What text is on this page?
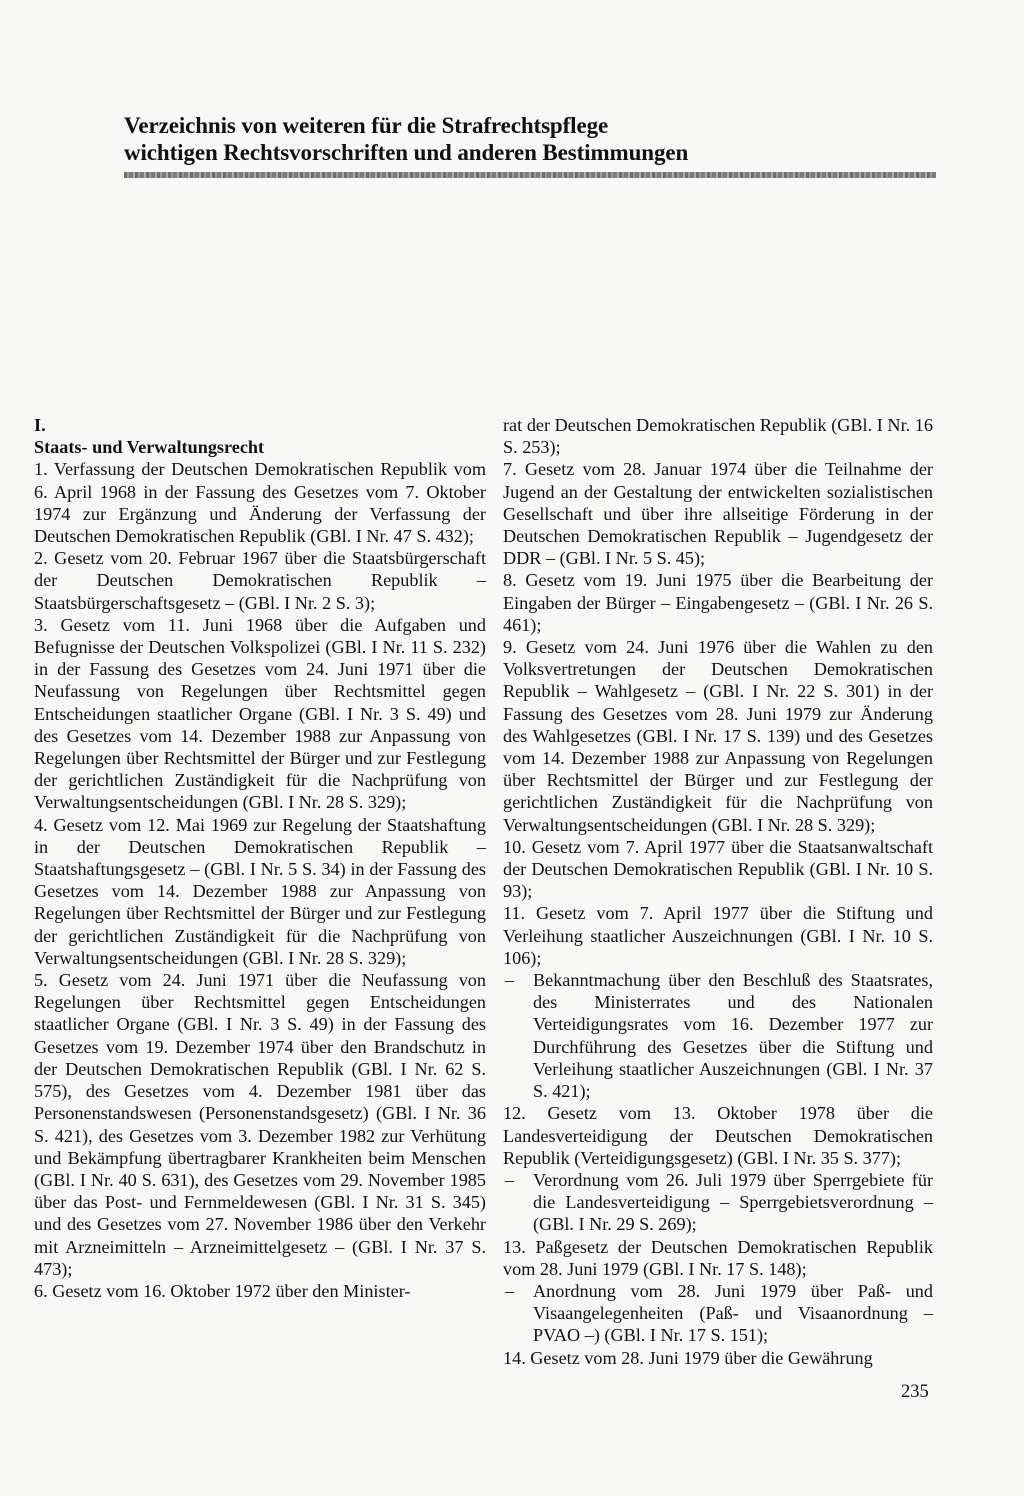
Verzeichnis von weiteren für die Strafrechtspflege
wichtigen Rechtsvorschriften und anderen Bestimmungen
I.
Staats- und Verwaltungsrecht

1. Verfassung der Deutschen Demokratischen Republik vom 6. April 1968 in der Fassung des Gesetzes vom 7. Oktober 1974 zur Ergänzung und Änderung der Verfassung der Deutschen Demokratischen Republik (GBl. I Nr. 47 S. 432);

2. Gesetz vom 20. Februar 1967 über die Staatsbürgerschaft der Deutschen Demokratischen Republik – Staatsbürgerschaftsgesetz – (GBl. I Nr. 2 S. 3);

3. Gesetz vom 11. Juni 1968 über die Aufgaben und Befugnisse der Deutschen Volkspolizei (GBl. I Nr. 11 S. 232) in der Fassung des Gesetzes vom 24. Juni 1971 über die Neufassung von Regelungen über Rechtsmittel gegen Entscheidungen staatlicher Organe (GBl. I Nr. 3 S. 49) und des Gesetzes vom 14. Dezember 1988 zur Anpassung von Regelungen über Rechtsmittel der Bürger und zur Festlegung der gerichtlichen Zuständigkeit für die Nachprüfung von Verwaltungsentscheidungen (GBl. I Nr. 28 S. 329);

4. Gesetz vom 12. Mai 1969 zur Regelung der Staatshaftung in der Deutschen Demokratischen Republik – Staatshaftungsgesetz – (GBl. I Nr. 5 S. 34) in der Fassung des Gesetzes vom 14. Dezember 1988 zur Anpassung von Regelungen über Rechtsmittel der Bürger und zur Festlegung der gerichtlichen Zuständigkeit für die Nachprüfung von Verwaltungsentscheidungen (GBl. I Nr. 28 S. 329);

5. Gesetz vom 24. Juni 1971 über die Neufassung von Regelungen über Rechtsmittel gegen Entscheidungen staatlicher Organe (GBl. I Nr. 3 S. 49) in der Fassung des Gesetzes vom 19. Dezember 1974 über den Brandschutz in der Deutschen Demokratischen Republik (GBl. I Nr. 62 S. 575), des Gesetzes vom 4. Dezember 1981 über das Personenstandswesen (Personenstandsgesetz) (GBl. I Nr. 36 S. 421), des Gesetzes vom 3. Dezember 1982 zur Verhütung und Bekämpfung übertragbarer Krankheiten beim Menschen (GBl. I Nr. 40 S. 631), des Gesetzes vom 29. November 1985 über das Post- und Fernmeldewesen (GBl. I Nr. 31 S. 345) und des Gesetzes vom 27. November 1986 über den Verkehr mit Arzneimitteln – Arzneimittelgesetz – (GBl. I Nr. 37 S. 473);

6. Gesetz vom 16. Oktober 1972 über den Minister-

rat der Deutschen Demokratischen Republik (GBl. I Nr. 16 S. 253);

7. Gesetz vom 28. Januar 1974 über die Teilnahme der Jugend an der Gestaltung der entwickelten sozialistischen Gesellschaft und über ihre allseitige Förderung in der Deutschen Demokratischen Republik – Jugendgesetz der DDR – (GBl. I Nr. 5 S. 45);

8. Gesetz vom 19. Juni 1975 über die Bearbeitung der Eingaben der Bürger – Eingabengesetz – (GBl. I Nr. 26 S. 461);

9. Gesetz vom 24. Juni 1976 über die Wahlen zu den Volksvertretungen der Deutschen Demokratischen Republik – Wahlgesetz – (GBl. I Nr. 22 S. 301) in der Fassung des Gesetzes vom 28. Juni 1979 zur Änderung des Wahlgesetzes (GBl. I Nr. 17 S. 139) und des Gesetzes vom 14. Dezember 1988 zur Anpassung von Regelungen über Rechtsmittel der Bürger und zur Festlegung der gerichtlichen Zuständigkeit für die Nachprüfung von Verwaltungsentscheidungen (GBl. I Nr. 28 S. 329);

10. Gesetz vom 7. April 1977 über die Staatsanwaltschaft der Deutschen Demokratischen Republik (GBl. I Nr. 10 S. 93);

11. Gesetz vom 7. April 1977 über die Stiftung und Verleihung staatlicher Auszeichnungen (GBl. I Nr. 10 S. 106);

–	Bekanntmachung über den Beschluß des Staatsrates, des Ministerrates und des Nationalen Verteidigungsrates vom 16. Dezember 1977 zur Durchführung des Gesetzes über die Stiftung und Verleihung staatlicher Auszeichnungen (GBl. I Nr. 37 S. 421);

12. Gesetz vom 13. Oktober 1978 über die Landesverteidigung der Deutschen Demokratischen Republik (Verteidigungsgesetz) (GBl. I Nr. 35 S. 377);

–	Verordnung vom 26. Juli 1979 über Sperrgebiete für die Landesverteidigung – Sperrgebietsverordnung – (GBl. I Nr. 29 S. 269);

13. Paßgesetz der Deutschen Demokratischen Republik vom 28. Juni 1979 (GBl. I Nr. 17 S. 148);

–	Anordnung vom 28. Juni 1979 über Paß- und Visaangelegenheiten (Paß- und Visaanordnung – PVAO –) (GBl. I Nr. 17 S. 151);

14. Gesetz vom 28. Juni 1979 über die Gewährung

235
